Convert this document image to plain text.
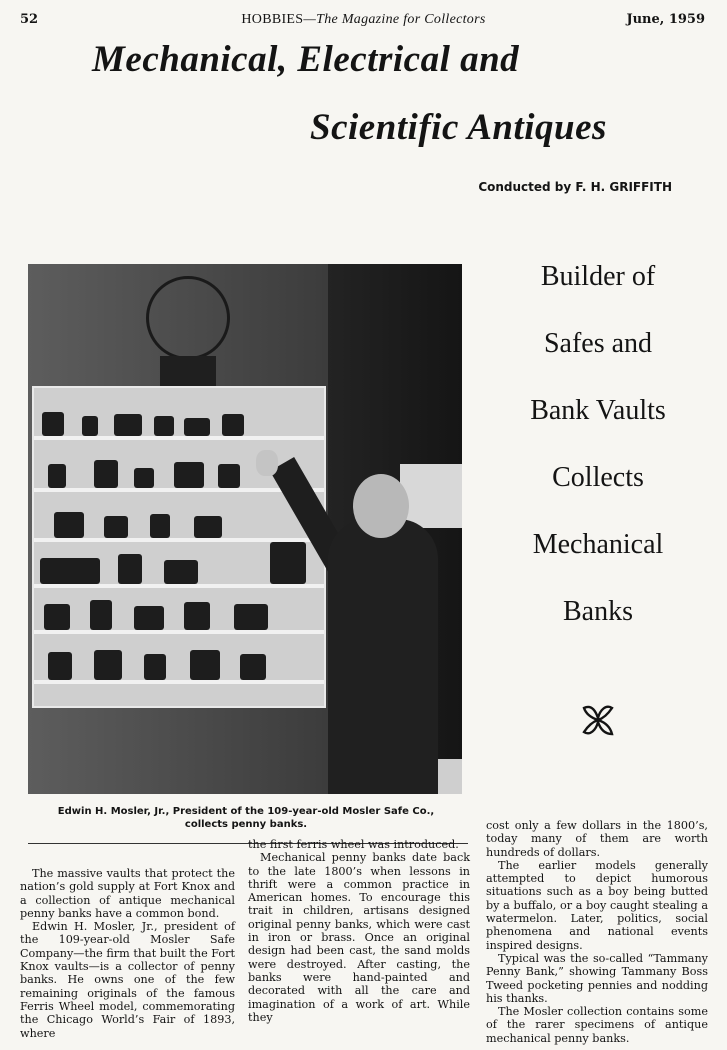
52	HOBBIES—The Magazine for Collectors	June, 1959
Mechanical, Electrical and
Scientific Antiques
Conducted by F. H. GRIFFITH
Edwin H. Mosler, Jr., President of the 109-year-old Mosler Safe Co.,
collects penny banks.
Builder of
Safes and
Bank Vaults
Collects
Mechanical
Banks

The massive vaults that protect the nation’s gold supply at Fort Knox and a collection of antique mechanical penny banks have a common bond.

Edwin H. Mosler, Jr., president of the 109-year-old Mosler Safe Company—the firm that built the Fort Knox vaults—is a collector of penny banks. He owns one of the few remaining originals of the famous Ferris Wheel model, commemorating the Chicago World’s Fair of 1893, where

the first ferris wheel was introduced.

Mechanical penny banks date back to the late 1800’s when lessons in thrift were a common practice in American homes. To encourage this trait in children, artisans designed original penny banks, which were cast in iron or brass. Once an original design had been cast, the sand molds were destroyed. After casting, the banks were hand-painted and decorated with all the care and imagination of a work of art. While they

cost only a few dollars in the 1800’s, today many of them are worth hundreds of dollars.

The earlier models generally attempted to depict humorous situations such as a boy being butted by a buffalo, or a boy caught stealing a watermelon. Later, politics, social phenomena and national events inspired designs.

Typical was the so-called “Tammany Penny Bank,” showing Tammany Boss Tweed pocketing pennies and nodding his thanks.

The Mosler collection contains some of the rarer specimens of antique mechanical penny banks.
